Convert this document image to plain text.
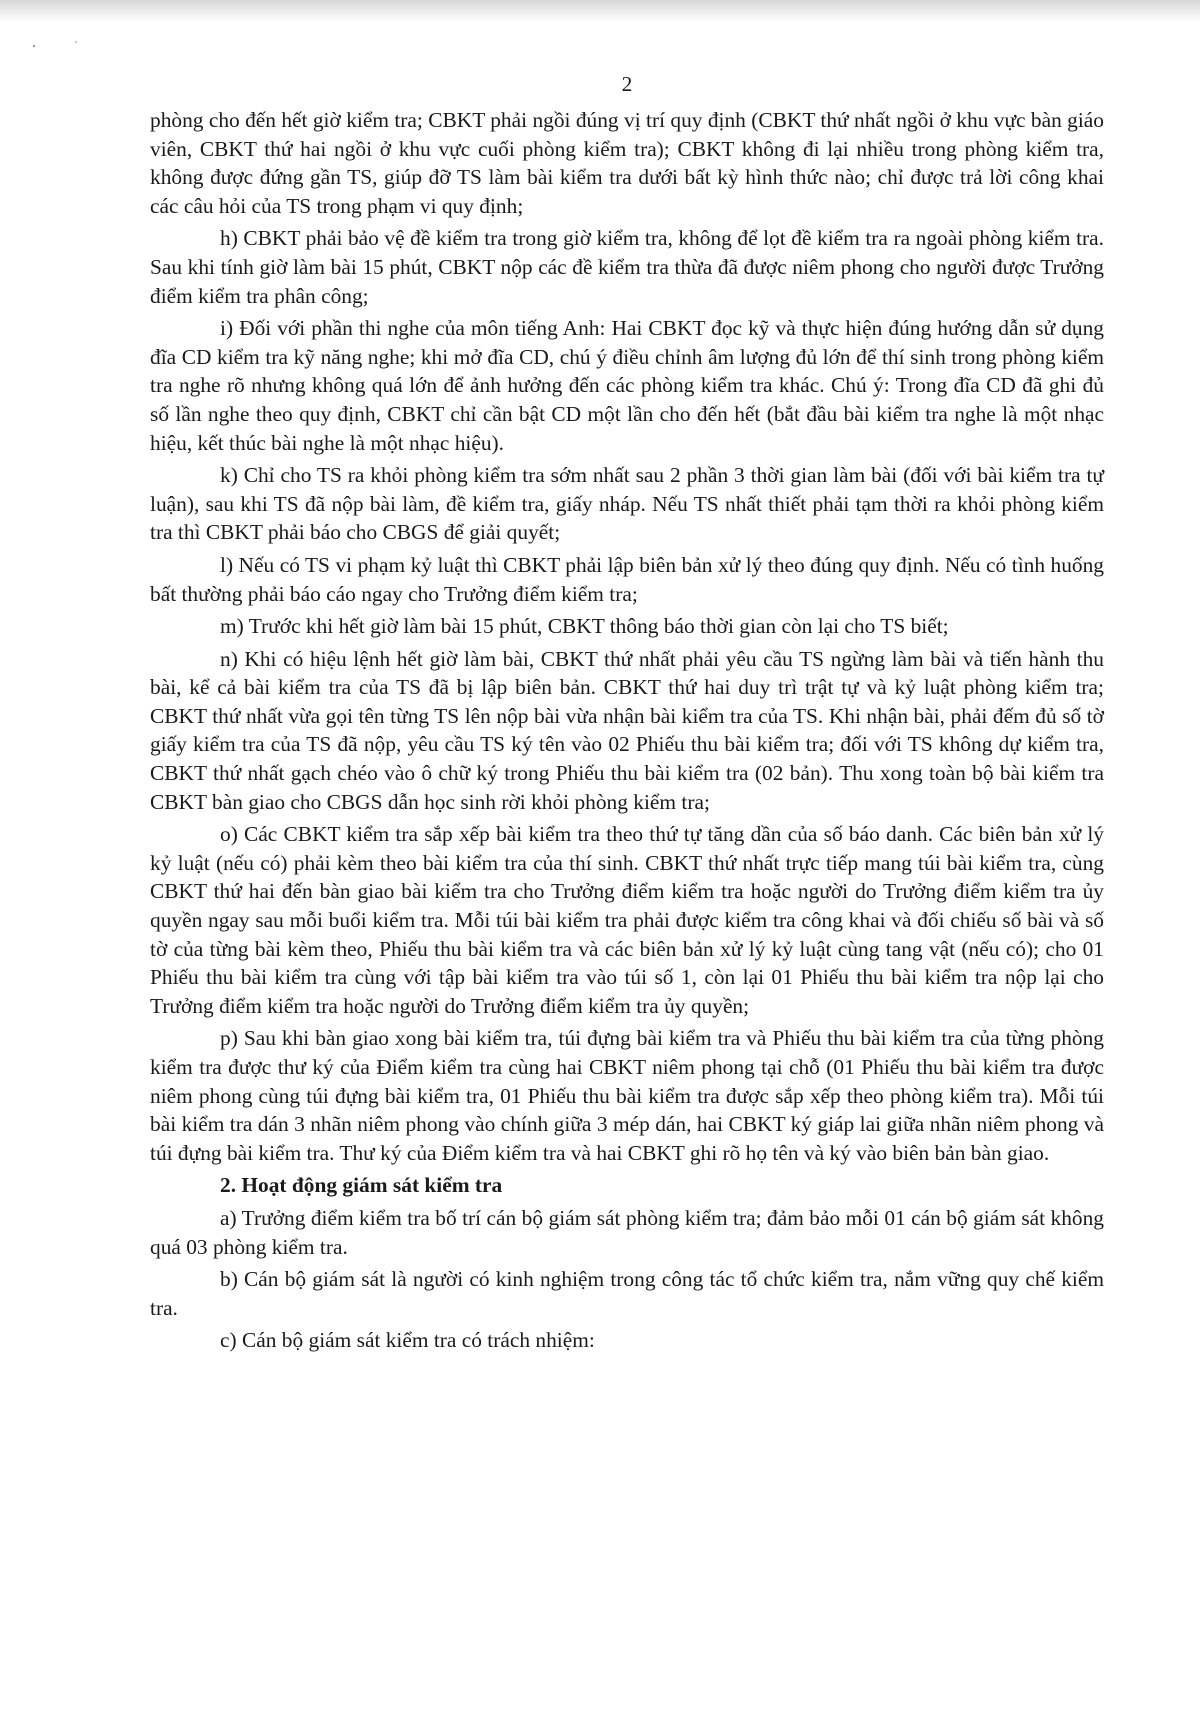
2

phòng cho đến hết giờ kiểm tra; CBKT phải ngồi đúng vị trí quy định (CBKT thứ nhất ngồi ở khu vực bàn giáo viên, CBKT thứ hai ngồi ở khu vực cuối phòng kiểm tra); CBKT không đi lại nhiều trong phòng kiểm tra, không được đứng gần TS, giúp đỡ TS làm bài kiểm tra dưới bất kỳ hình thức nào; chỉ được trả lời công khai các câu hỏi của TS trong phạm vi quy định;

h) CBKT phải bảo vệ đề kiểm tra trong giờ kiểm tra, không để lọt đề kiểm tra ra ngoài phòng kiểm tra. Sau khi tính giờ làm bài 15 phút, CBKT nộp các đề kiểm tra thừa đã được niêm phong cho người được Trưởng điểm kiểm tra phân công;

i) Đối với phần thi nghe của môn tiếng Anh: Hai CBKT đọc kỹ và thực hiện đúng hướng dẫn sử dụng đĩa CD kiểm tra kỹ năng nghe; khi mở đĩa CD, chú ý điều chỉnh âm lượng đủ lớn để thí sinh trong phòng kiểm tra nghe rõ nhưng không quá lớn để ảnh hưởng đến các phòng kiểm tra khác. Chú ý: Trong đĩa CD đã ghi đủ số lần nghe theo quy định, CBKT chỉ cần bật CD một lần cho đến hết (bắt đầu bài kiểm tra nghe là một nhạc hiệu, kết thúc bài nghe là một nhạc hiệu).

k) Chỉ cho TS ra khỏi phòng kiểm tra sớm nhất sau 2 phần 3 thời gian làm bài (đối với bài kiểm tra tự luận), sau khi TS đã nộp bài làm, đề kiểm tra, giấy nháp. Nếu TS nhất thiết phải tạm thời ra khỏi phòng kiểm tra thì CBKT phải báo cho CBGS để giải quyết;

l) Nếu có TS vi phạm kỷ luật thì CBKT phải lập biên bản xử lý theo đúng quy định. Nếu có tình huống bất thường phải báo cáo ngay cho Trưởng điểm kiểm tra;

m) Trước khi hết giờ làm bài 15 phút, CBKT thông báo thời gian còn lại cho TS biết;

n) Khi có hiệu lệnh hết giờ làm bài, CBKT thứ nhất phải yêu cầu TS ngừng làm bài và tiến hành thu bài, kể cả bài kiểm tra của TS đã bị lập biên bản. CBKT thứ hai duy trì trật tự và kỷ luật phòng kiểm tra; CBKT thứ nhất vừa gọi tên từng TS lên nộp bài vừa nhận bài kiểm tra của TS. Khi nhận bài, phải đếm đủ số tờ giấy kiểm tra của TS đã nộp, yêu cầu TS ký tên vào 02 Phiếu thu bài kiểm tra; đối với TS không dự kiểm tra, CBKT thứ nhất gạch chéo vào ô chữ ký trong Phiếu thu bài kiểm tra (02 bản). Thu xong toàn bộ bài kiểm tra CBKT bàn giao cho CBGS dẫn học sinh rời khỏi phòng kiểm tra;

o) Các CBKT kiểm tra sắp xếp bài kiểm tra theo thứ tự tăng dần của số báo danh. Các biên bản xử lý kỷ luật (nếu có) phải kèm theo bài kiểm tra của thí sinh. CBKT thứ nhất trực tiếp mang túi bài kiểm tra, cùng CBKT thứ hai đến bàn giao bài kiểm tra cho Trưởng điểm kiểm tra hoặc người do Trưởng điểm kiểm tra ủy quyền ngay sau mỗi buổi kiểm tra. Mỗi túi bài kiểm tra phải được kiểm tra công khai và đối chiếu số bài và số tờ của từng bài kèm theo, Phiếu thu bài kiểm tra và các biên bản xử lý kỷ luật cùng tang vật (nếu có); cho 01 Phiếu thu bài kiểm tra cùng với tập bài kiểm tra vào túi số 1, còn lại 01 Phiếu thu bài kiểm tra nộp lại cho Trưởng điểm kiểm tra hoặc người do Trưởng điểm kiểm tra ủy quyền;

p) Sau khi bàn giao xong bài kiểm tra, túi đựng bài kiểm tra và Phiếu thu bài kiểm tra của từng phòng kiểm tra được thư ký của Điểm kiểm tra cùng hai CBKT niêm phong tại chỗ (01 Phiếu thu bài kiểm tra được niêm phong cùng túi đựng bài kiểm tra, 01 Phiếu thu bài kiểm tra được sắp xếp theo phòng kiểm tra). Mỗi túi bài kiểm tra dán 3 nhãn niêm phong vào chính giữa 3 mép dán, hai CBKT ký giáp lai giữa nhãn niêm phong và túi đựng bài kiểm tra. Thư ký của Điểm kiểm tra và hai CBKT ghi rõ họ tên và ký vào biên bản bàn giao.

2. Hoạt động giám sát kiểm tra

a) Trưởng điểm kiểm tra bố trí cán bộ giám sát phòng kiểm tra; đảm bảo mỗi 01 cán bộ giám sát không quá 03 phòng kiểm tra.

b) Cán bộ giám sát là người có kinh nghiệm trong công tác tổ chức kiểm tra, nắm vững quy chế kiểm tra.

c) Cán bộ giám sát kiểm tra có trách nhiệm:
